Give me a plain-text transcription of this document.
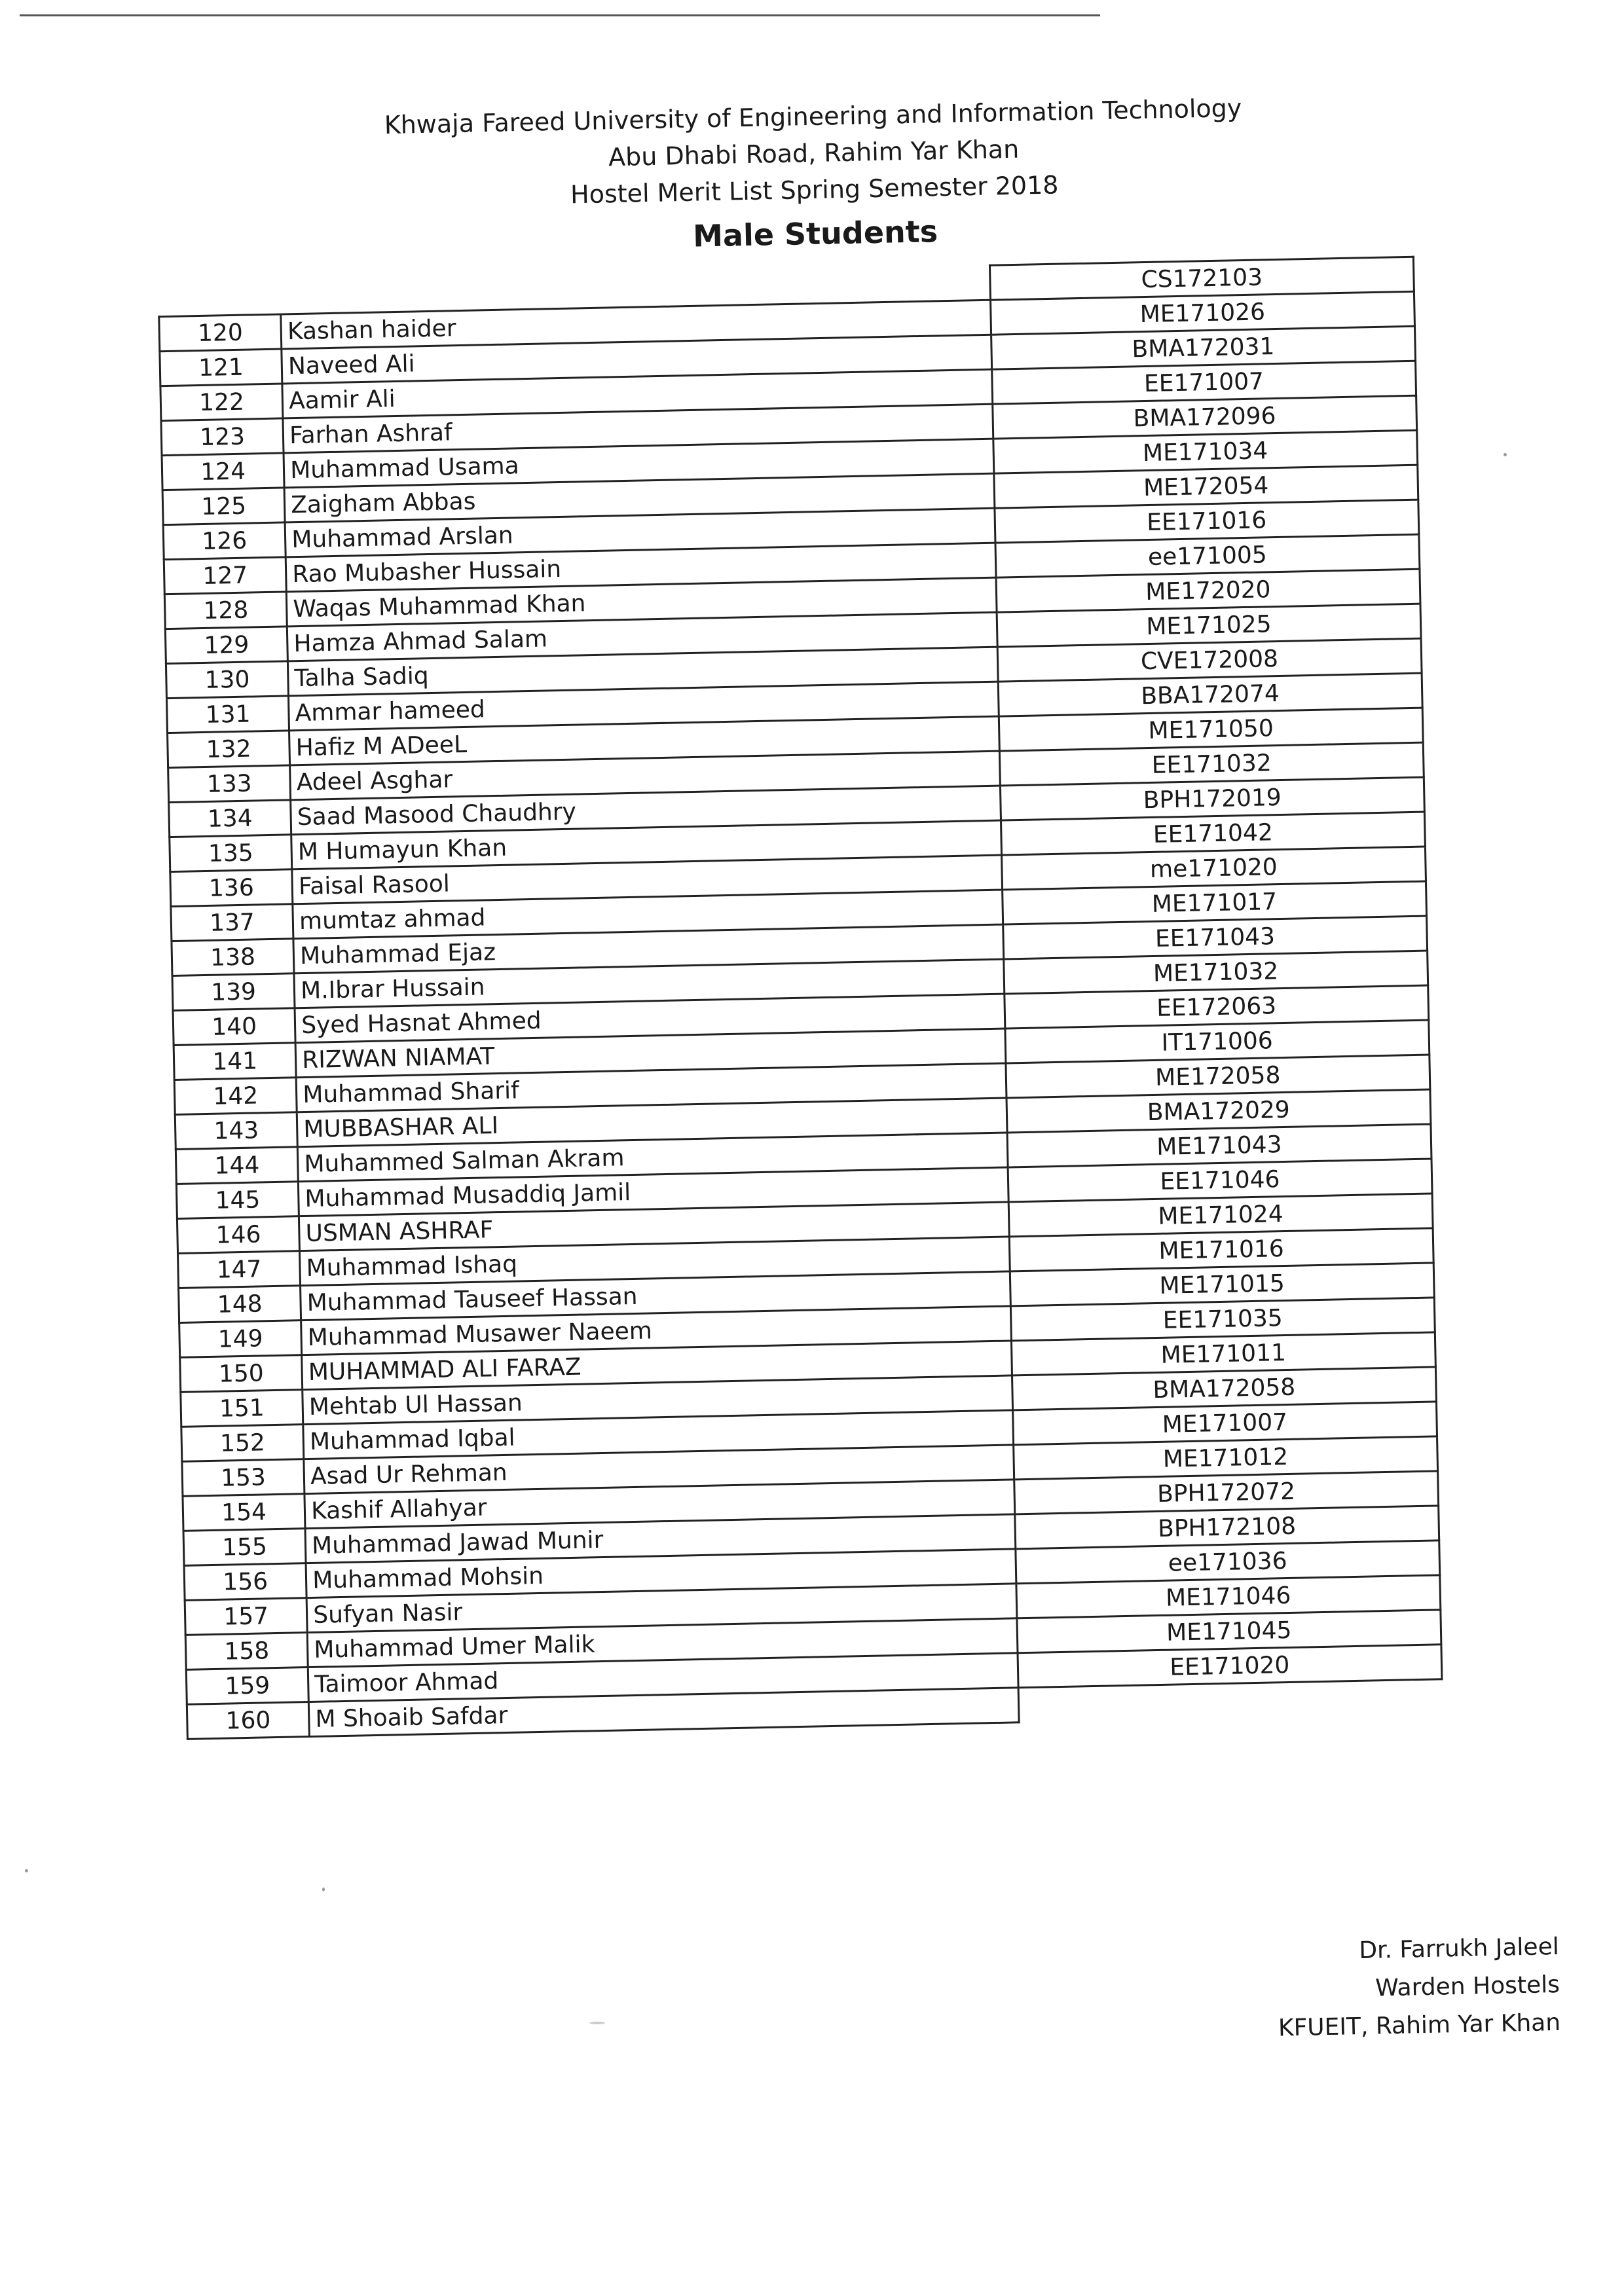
Khwaja Fareed University of Engineering and Information Technology
Abu Dhabi Road, Rahim Yar Khan
Hostel Merit List Spring Semester 2018
Male Students
		CS172103
120	Kashan haider	ME171026
121	Naveed Ali	BMA172031
122	Aamir Ali	EE171007
123	Farhan Ashraf	BMA172096
124	Muhammad Usama	ME171034
125	Zaigham Abbas	ME172054
126	Muhammad Arslan	EE171016
127	Rao Mubasher Hussain	ee171005
128	Waqas Muhammad Khan	ME172020
129	Hamza Ahmad Salam	ME171025
130	Talha Sadiq	CVE172008
131	Ammar hameed	BBA172074
132	Hafiz M ADeeL	ME171050
133	Adeel Asghar	EE171032
134	Saad Masood Chaudhry	BPH172019
135	M Humayun Khan	EE171042
136	Faisal Rasool	me171020
137	mumtaz ahmad	ME171017
138	Muhammad Ejaz	EE171043
139	M.Ibrar Hussain	ME171032
140	Syed Hasnat Ahmed	EE172063
141	RIZWAN NIAMAT	IT171006
142	Muhammad Sharif	ME172058
143	MUBBASHAR ALI	BMA172029
144	Muhammed Salman Akram	ME171043
145	Muhammad Musaddiq Jamil	EE171046
146	USMAN ASHRAF	ME171024
147	Muhammad Ishaq	ME171016
148	Muhammad Tauseef Hassan	ME171015
149	Muhammad Musawer Naeem	EE171035
150	MUHAMMAD ALI FARAZ	ME171011
151	Mehtab Ul Hassan	BMA172058
152	Muhammad Iqbal	ME171007
153	Asad Ur Rehman	ME171012
154	Kashif Allahyar	BPH172072
155	Muhammad Jawad Munir	BPH172108
156	Muhammad Mohsin	ee171036
157	Sufyan Nasir	ME171046
158	Muhammad Umer Malik	ME171045
159	Taimoor Ahmad	EE171020
160	M Shoaib Safdar	
Dr. Farrukh Jaleel
Warden Hostels
KFUEIT, Rahim Yar Khan
